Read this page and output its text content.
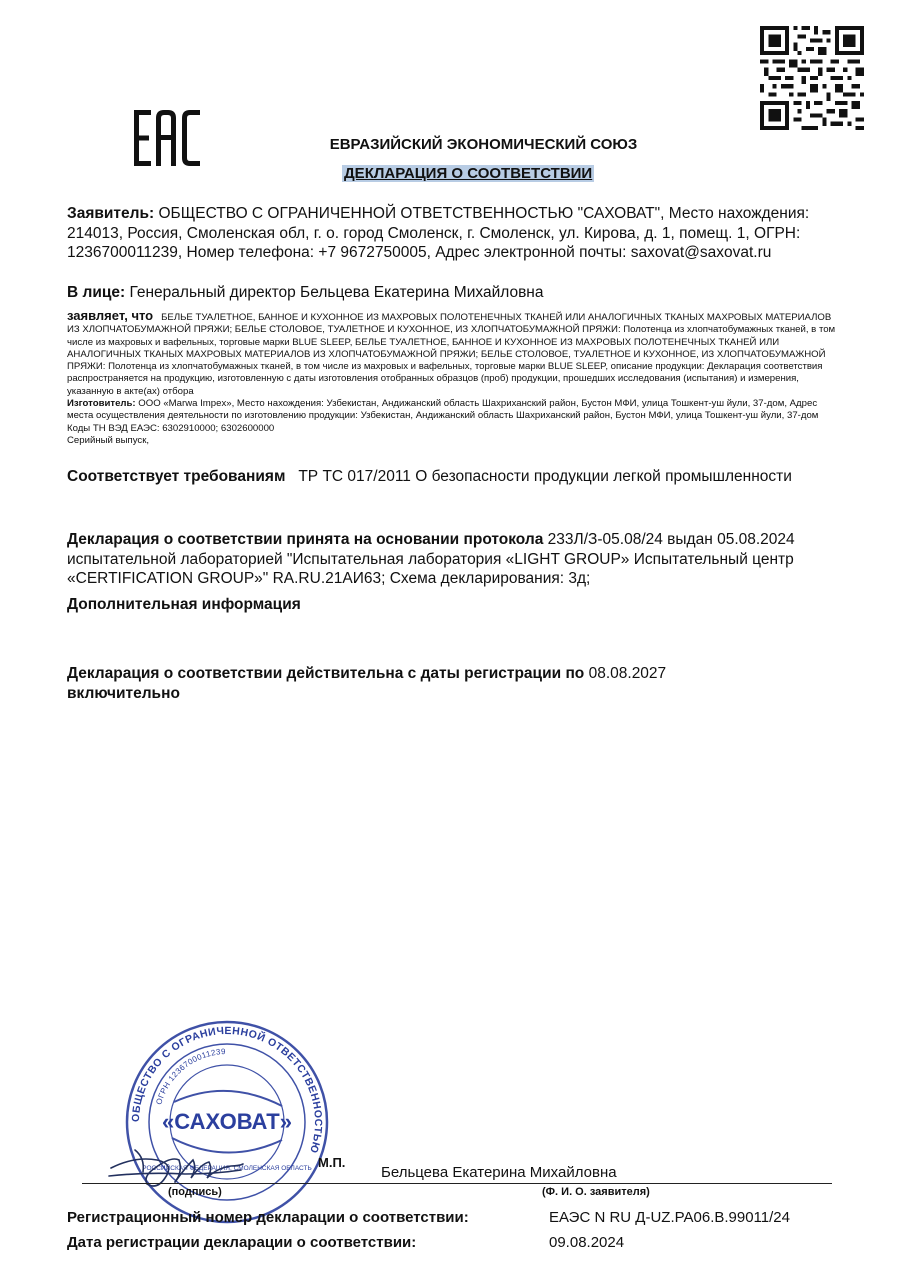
ЕВРАЗИЙСКИЙ ЭКОНОМИЧЕСКИЙ СОЮЗ
ДЕКЛАРАЦИЯ О СООТВЕТСТВИИ
Заявитель: ОБЩЕСТВО С ОГРАНИЧЕННОЙ ОТВЕТСТВЕННОСТЬЮ "САХОВАТ", Место нахождения: 214013, Россия, Смоленская обл, г. о. город Смоленск, г. Смоленск, ул. Кирова, д. 1, помещ. 1, ОГРН: 1236700011239, Номер телефона: +7 9672750005, Адрес электронной почты: saxovat@saxovat.ru
В лице: Генеральный директор Бельцева Екатерина Михайловна
заявляет, что БЕЛЬЕ ТУАЛЕТНОЕ, БАННОЕ И КУХОННОЕ ИЗ МАХРОВЫХ ПОЛОТЕНЕЧНЫХ ТКАНЕЙ ИЛИ АНАЛОГИЧНЫХ ТКАНЫХ МАХРОВЫХ МАТЕРИАЛОВ ИЗ ХЛОПЧАТОБУМАЖНОЙ ПРЯЖИ; БЕЛЬЕ СТОЛОВОЕ, ТУАЛЕТНОЕ И КУХОННОЕ, ИЗ ХЛОПЧАТОБУМАЖНОЙ ПРЯЖИ: Полотенца из хлопчатобумажных тканей, в том числе из махровых и вафельных, торговые марки BLUE SLEEP, БЕЛЬЕ ТУАЛЕТНОЕ, БАННОЕ И КУХОННОЕ ИЗ МАХРОВЫХ ПОЛОТЕНЕЧНЫХ ТКАНЕЙ ИЛИ АНАЛОГИЧНЫХ ТКАНЫХ МАХРОВЫХ МАТЕРИАЛОВ ИЗ ХЛОПЧАТОБУМАЖНОЙ ПРЯЖИ; БЕЛЬЕ СТОЛОВОЕ, ТУАЛЕТНОЕ И КУХОННОЕ, ИЗ ХЛОПЧАТОБУМАЖНОЙ ПРЯЖИ: Полотенца из хлопчатобумажных тканей, в том числе из махровых и вафельных, торговые марки BLUE SLEEP, описание продукции: Декларация соответствия распространяется на продукцию, изготовленную с даты изготовления отобранных образцов (проб) продукции, прошедших исследования (испытания) и измерения, указанную в акте(ах) отбора
Изготовитель: ООО «Marwa Impex», Место нахождения: Узбекистан, Андижанский область Шахриханский район, Бустон МФИ, улица Тошкент-уш йули, 37-дом, Адрес места осуществления деятельности по изготовлению продукции: Узбекистан, Андижанский область Шахриханский район, Бустон МФИ, улица Тошкент-уш йули, 37-дом
Коды ТН ВЭД ЕАЭС: 6302910000; 6302600000
Серийный выпуск,
Соответствует требованиям ТР ТС 017/2011 О безопасности продукции легкой промышленности
Декларация о соответствии принята на основании протокола 233Л/З-05.08/24 выдан 05.08.2024 испытательной лабораторией "Испытательная лаборатория «LIGHT GROUP» Испытательный центр «CERTIFICATION GROUP»" RA.RU.21АИ63; Схема декларирования: 3д;
Дополнительная информация
Декларация о соответствии действительна с даты регистрации по 08.08.2027
включительно
ОБЩЕСТВО С ОГРАНИЧЕННОЙ ОТВЕТСТВЕННОСТЬЮ
ОГРН 1236700011239
«САХОВАТ»
РОССИЙСКАЯ ФЕДЕРАЦИЯ, СМОЛЕНСКАЯ ОБЛАСТЬ М.П.
Бельцева Екатерина Михайловна
(подпись)	(Ф. И. О. заявителя)
Регистрационный номер декларации о соответствии:	ЕАЭС N RU Д-UZ.PA06.B.99011/24
Дата регистрации декларации о соответствии:	09.08.2024
